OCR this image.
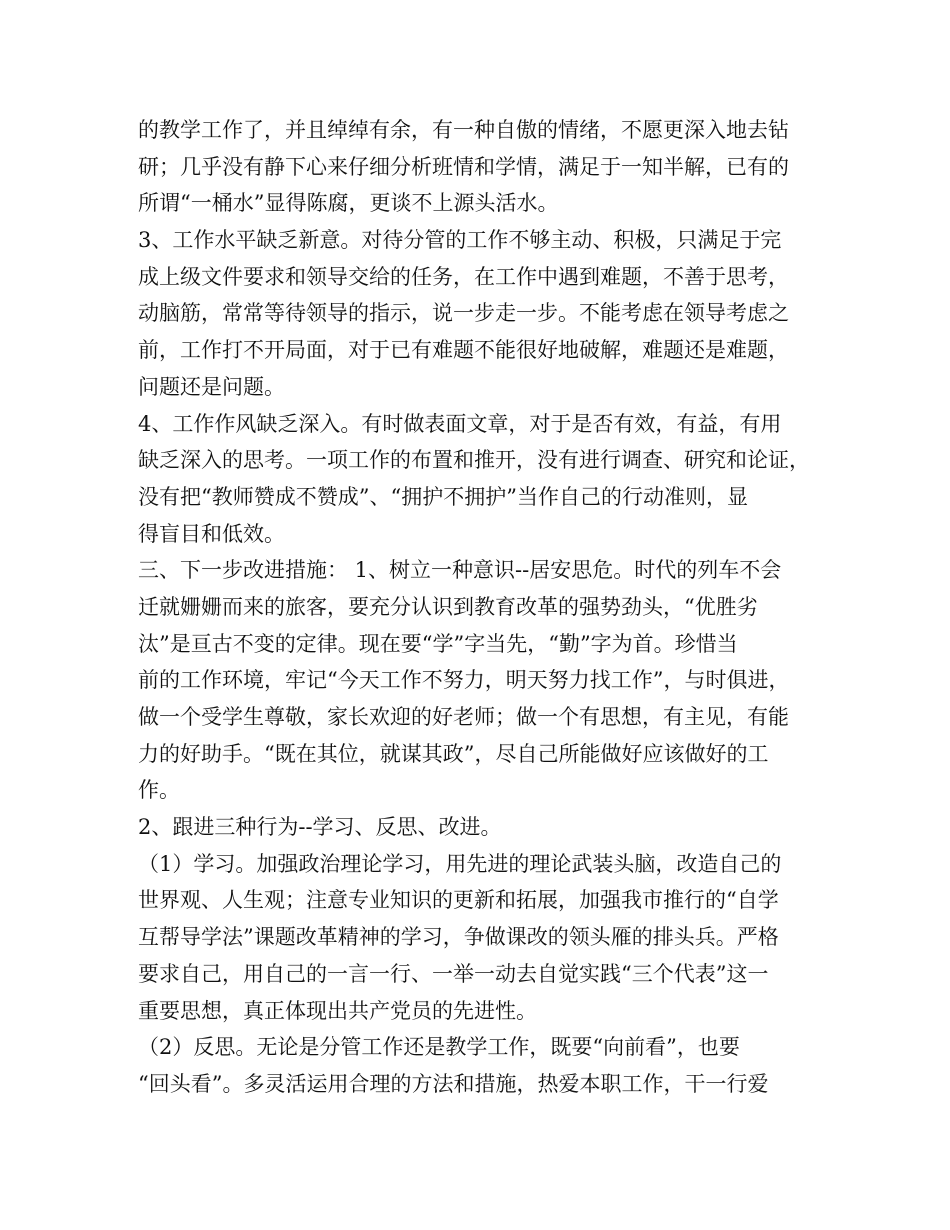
的教学工作了，并且绰绰有余，有一种自傲的情绪，不愿更深入地去钻
研；几乎没有静下心来仔细分析班情和学情，满足于一知半解，已有的
所谓“一桶水”显得陈腐，更谈不上源头活水。
3、工作水平缺乏新意。对待分管的工作不够主动、积极，只满足于完
成上级文件要求和领导交给的任务，在工作中遇到难题，不善于思考，
动脑筋，常常等待领导的指示，说一步走一步。不能考虑在领导考虑之
前，工作打不开局面，对于已有难题不能很好地破解，难题还是难题，
问题还是问题。
4、工作作风缺乏深入。有时做表面文章，对于是否有效，有益，有用
缺乏深入的思考。一项工作的布置和推开，没有进行调查、研究和论证，
没有把“教师赞成不赞成”、“拥护不拥护”当作自己的行动准则，显
得盲目和低效。
三、下一步改进措施： 1、树立一种意识--居安思危。时代的列车不会
迁就姗姗而来的旅客，要充分认识到教育改革的强势劲头，“优胜劣
汰”是亘古不变的定律。现在要“学”字当先，“勤”字为首。珍惜当
前的工作环境，牢记“今天工作不努力，明天努力找工作”，与时俱进，
做一个受学生尊敬，家长欢迎的好老师；做一个有思想，有主见，有能
力的好助手。“既在其位，就谋其政”，尽自己所能做好应该做好的工
作。
2、跟进三种行为--学习、反思、改进。
（1）学习。加强政治理论学习，用先进的理论武装头脑，改造自己的
世界观、人生观；注意专业知识的更新和拓展，加强我市推行的“自学
互帮导学法”课题改革精神的学习，争做课改的领头雁的排头兵。严格
要求自己，用自己的一言一行、一举一动去自觉实践“三个代表”这一
重要思想，真正体现出共产党员的先进性。
（2）反思。无论是分管工作还是教学工作，既要“向前看”，也要
“回头看”。多灵活运用合理的方法和措施，热爱本职工作，干一行爱
